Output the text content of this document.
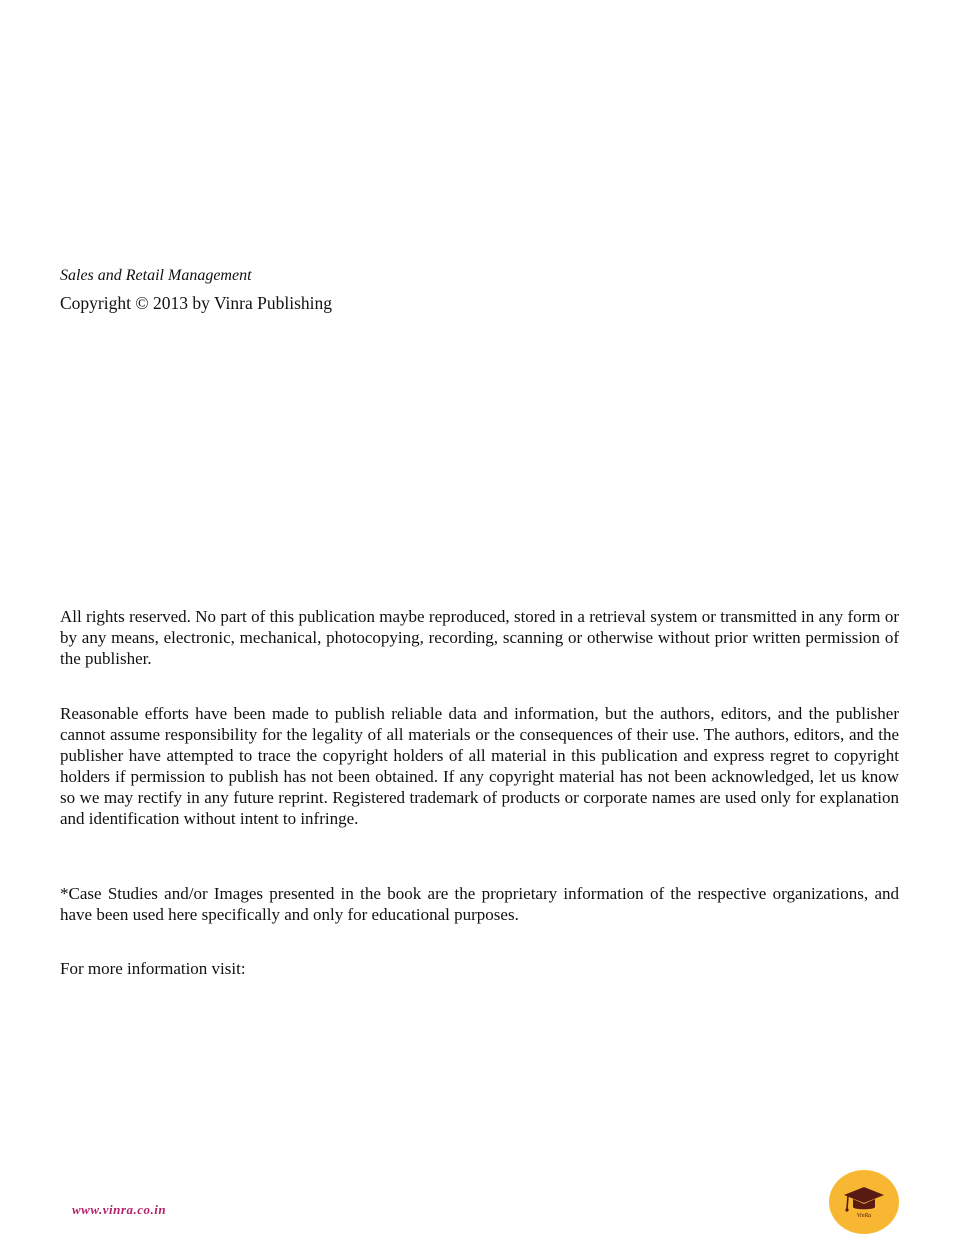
Sales and Retail Management
Copyright © 2013 by Vinra Publishing

All rights reserved. No part of this publication maybe reproduced, stored in a retrieval system or transmitted in any form or by any means, electronic, mechanical, photocopying, recording, scanning or otherwise without prior written permission of the publisher.

Reasonable efforts have been made to publish reliable data and information, but the authors, editors, and the publisher cannot assume responsibility for the legality of all materials or the consequences of their use. The authors, editors, and the publisher have attempted to trace the copyright holders of all material in this publication and express regret to copyright holders if permission to publish has not been obtained. If any copyright material has not been acknowledged, let us know so we may rectify in any future reprint. Registered trademark of products or corporate names are used only for explanation and identification without intent to infringe.

*Case Studies and/or Images presented in the book are the proprietary information of the respective organizations, and have been used here specifically and only for educational purposes.

For more information visit:

www.vinra.co.in	VinRa
